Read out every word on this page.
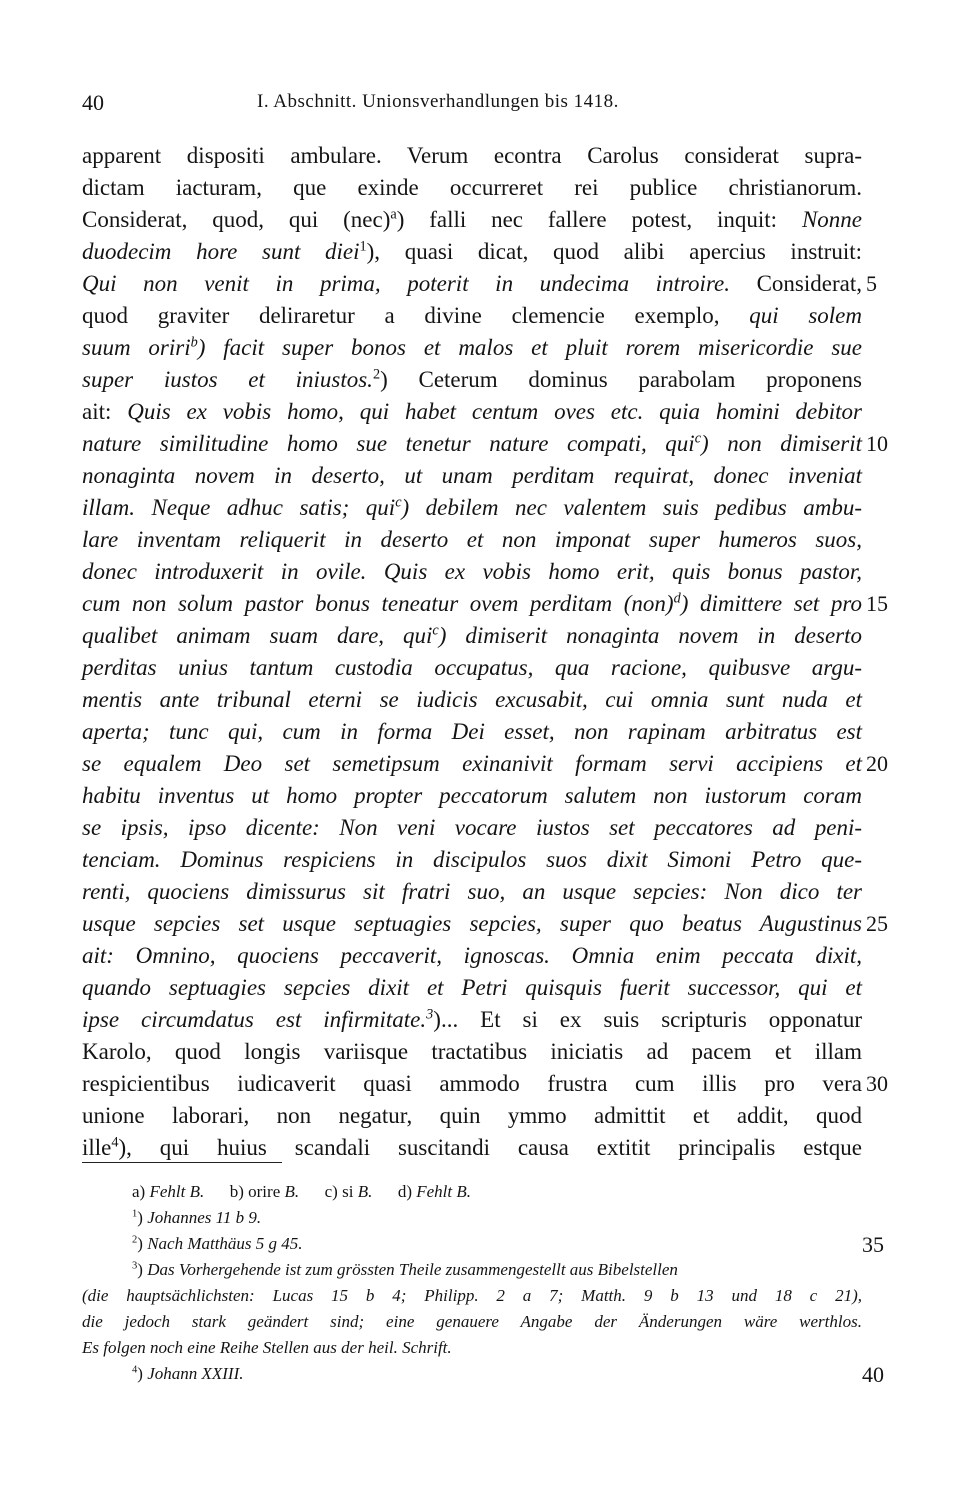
40	I. Abschnitt. Unionsverhandlungen bis 1418.
apparent dispositi ambulare. Verum econtra Carolus considerat supra-
dictam iacturam, que exinde occurreret rei publice christianorum.
Considerat, quod, qui (nec)$^a$) falli nec fallere potest, inquit: Nonne
duodecim hore sunt diei$^1$), quasi dicat, quod alibi apercius instruit:
Qui non venit in prima, poterit in undecima introire. Considerat,
quod graviter deliraretur a divine clemencie exemplo, qui solem
suum oriri$^b$) facit super bonos et malos et pluit rorem misericordie sue
super iustos et iniustos.$^2$) Ceterum dominus parabolam proponens
ait: Quis ex vobis homo, qui habet centum oves etc. quia homini debitor
nature similitudine homo sue tenetur nature compati, qui$^c$) non dimiserit
nonaginta novem in deserto, ut unam perditam requirat, donec inveniat
illam. Neque adhuc satis; qui$^c$) debilem nec valentem suis pedibus ambu-
lare inventam reliquerit in deserto et non imponat super humeros suos,
donec introduxerit in ovile. Quis ex vobis homo erit, quis bonus pastor,
cum non solum pastor bonus teneatur ovem perditam (non)$^d$) dimittere set pro
qualibet animam suam dare, qui$^c$) dimiserit nonaginta novem in deserto
perditas unius tantum custodia occupatus, qua racione, quibusve argu-
mentis ante tribunal eterni se iudicis excusabit, cui omnia sunt nuda et
aperta; tunc qui, cum in forma Dei esset, non rapinam arbitratus est
se equalem Deo set semetipsum exinanivit formam servi accipiens et
habitu inventus ut homo propter peccatorum salutem non iustorum coram
se ipsis, ipso dicente: Non veni vocare iustos set peccatores ad peni-
tenciam. Dominus respiciens in discipulos suos dixit Simoni Petro que-
renti, quociens dimissurus sit fratri suo, an usque sepcies: Non dico ter
usque sepcies set usque septuagies sepcies, super quo beatus Augustinus
ait: Omnino, quociens peccaverit, ignoscas. Omnia enim peccata dixit,
quando septuagies sepcies dixit et Petri quisquis fuerit successor, qui et
ipse circumdatus est infirmitate.$^3$)... Et si ex suis scripturis opponatur
Karolo, quod longis variisque tractatibus iniciatis ad pacem et illam
respicientibus iudicaverit quasi ammodo frustra cum illis pro vera
unione laborari, non negatur, quin ymmo admittit et addit, quod
ille$^4$), qui huius scandali suscitandi causa extitit principalis estque
5
10
15
20
25
30
a) Fehlt B. b) orire B. c) si B. d) Fehlt B.
$^1$) Johannes 11 b 9.
$^2$) Nach Matthäus 5 g 45.
$^3$) Das Vorhergehende ist zum grössten Theile zusammengestellt aus Bibelstellen
(die hauptsächlichsten: Lucas 15 b 4; Philipp. 2 a 7; Matth. 9 b 13 und 18 c 21),
die jedoch stark geändert sind; eine genauere Angabe der Änderungen wäre werthlos.
Es folgen noch eine Reihe Stellen aus der heil. Schrift.
$^4$) Johann XXIII.
35
40
